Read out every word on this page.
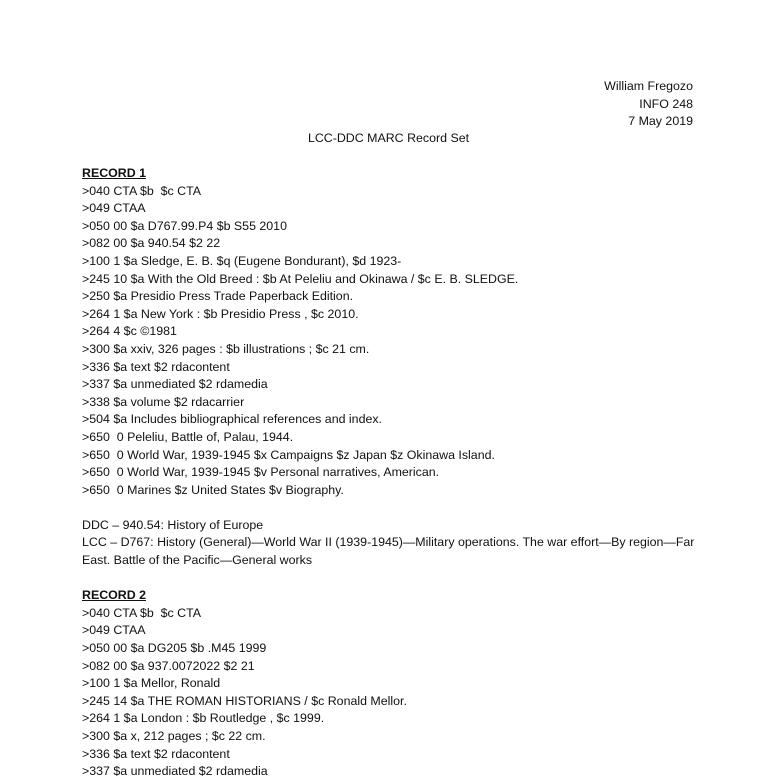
William Fregozo
INFO 248
7 May 2019
LCC-DDC MARC Record Set
RECORD 1
>040 CTA $b  $c CTA
>049 CTAA
>050 00 $a D767.99.P4 $b S55 2010
>082 00 $a 940.54 $2 22
>100 1 $a Sledge, E. B. $q (Eugene Bondurant), $d 1923-
>245 10 $a With the Old Breed : $b At Peleliu and Okinawa / $c E. B. SLEDGE.
>250 $a Presidio Press Trade Paperback Edition.
>264 1 $a New York : $b Presidio Press , $c 2010.
>264 4 $c ©1981
>300 $a xxiv, 326 pages : $b illustrations ; $c 21 cm.
>336 $a text $2 rdacontent
>337 $a unmediated $2 rdamedia
>338 $a volume $2 rdacarrier
>504 $a Includes bibliographical references and index.
>650  0 Peleliu, Battle of, Palau, 1944.
>650  0 World War, 1939-1945 $x Campaigns $z Japan $z Okinawa Island.
>650  0 World War, 1939-1945 $v Personal narratives, American.
>650  0 Marines $z United States $v Biography.
DDC – 940.54: History of Europe
LCC – D767: History (General)—World War II (1939-1945)—Military operations. The war effort—By region—Far East. Battle of the Pacific—General works
RECORD 2
>040 CTA $b  $c CTA
>049 CTAA
>050 00 $a DG205 $b .M45 1999
>082 00 $a 937.0072022 $2 21
>100 1 $a Mellor, Ronald
>245 14 $a THE ROMAN HISTORIANS / $c Ronald Mellor.
>264 1 $a London : $b Routledge , $c 1999.
>300 $a x, 212 pages ; $c 22 cm.
>336 $a text $2 rdacontent
>337 $a unmediated $2 rdamedia
